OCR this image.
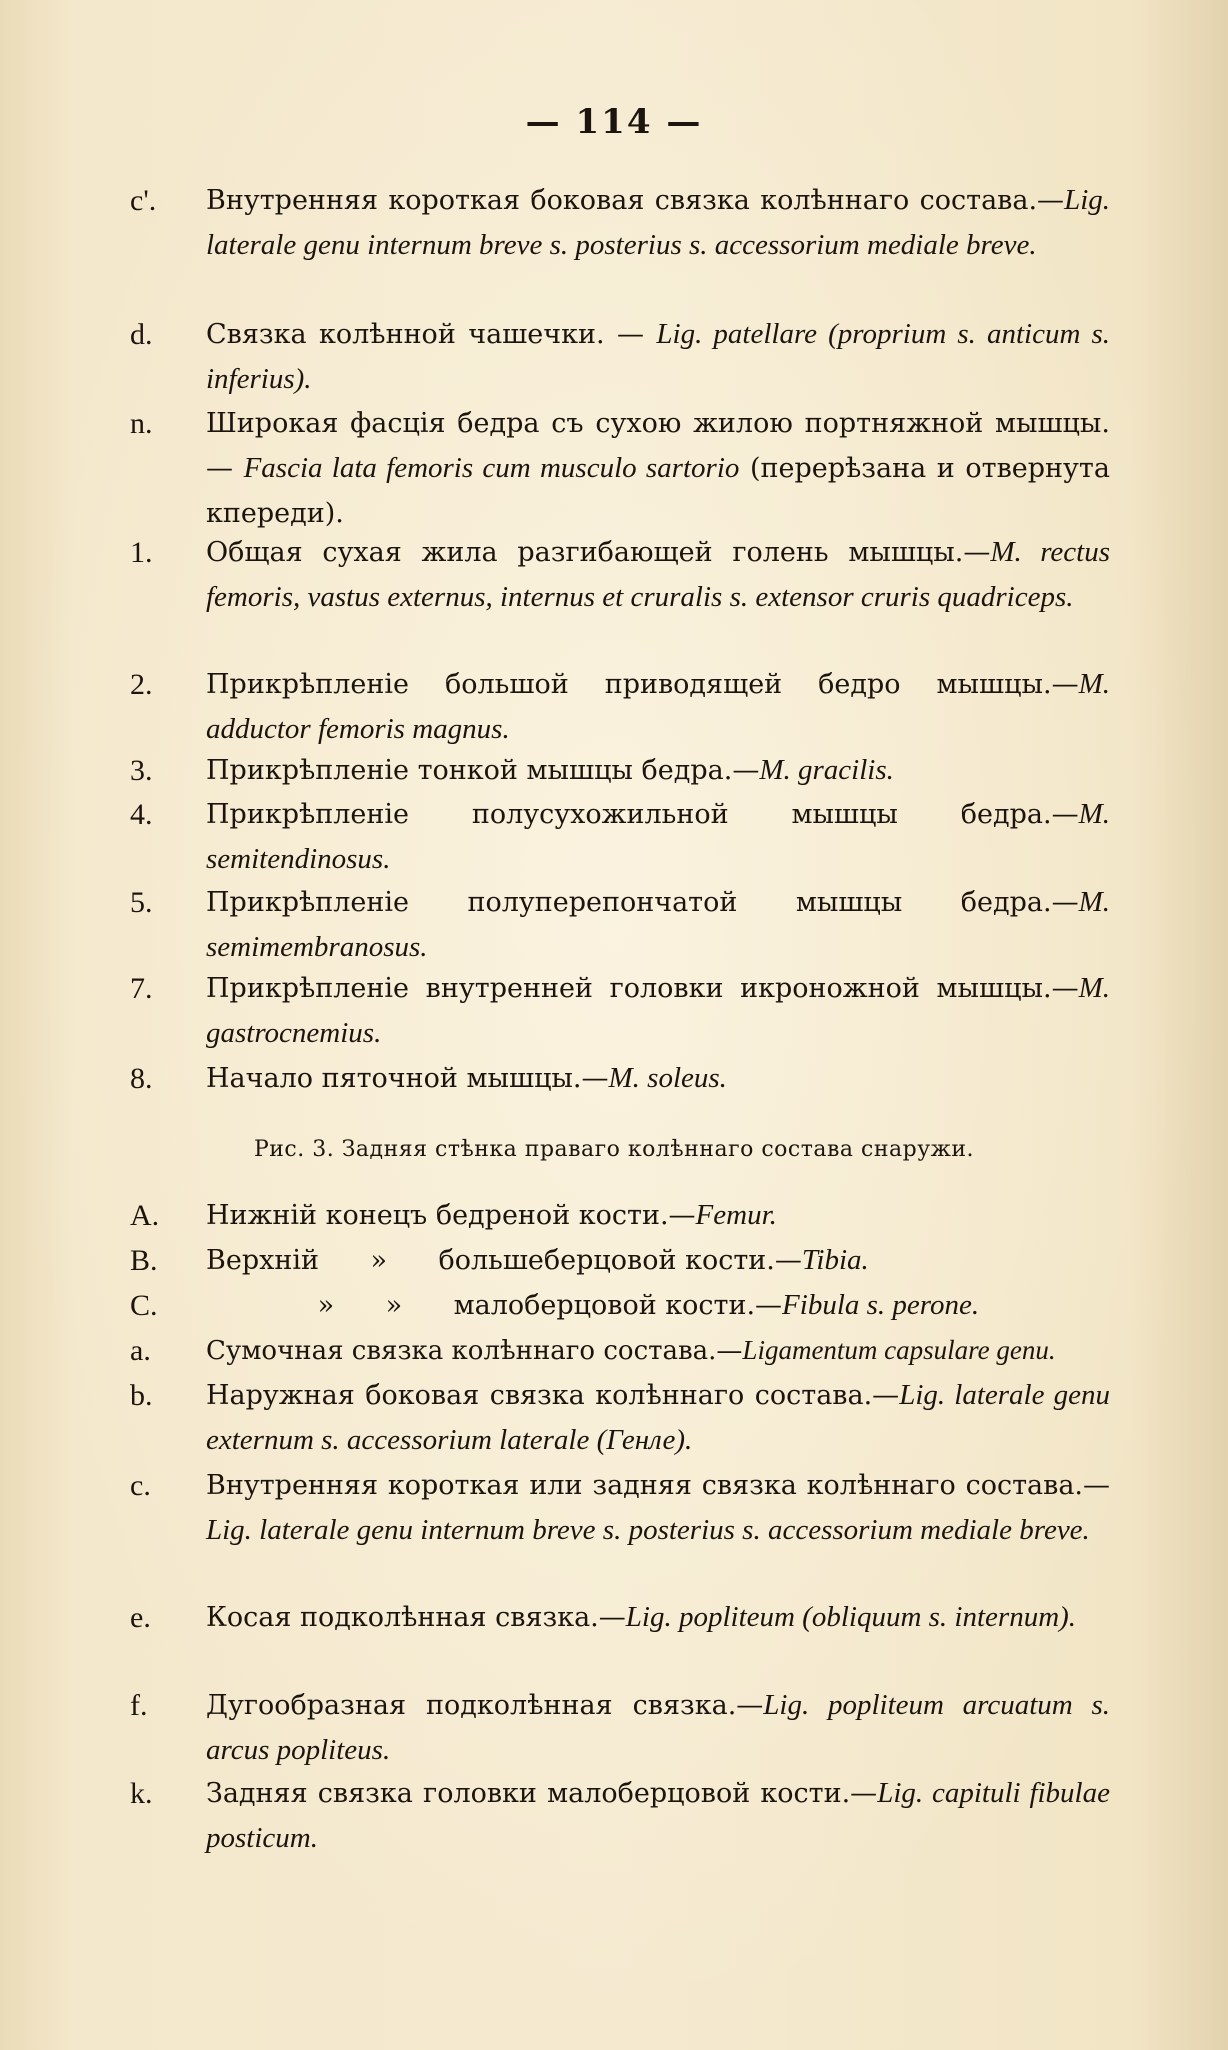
— 114 —
c'.	Внутренняя короткая боковая связка колѣннаго состава.—Lig. laterale genu internum breve s. posterius s. accessorium mediale breve.
d.	Связка колѣнной чашечки. — Lig. patellare (proprium s. anticum s. inferius).
n.	Широкая фасція бедра съ сухою жилою портняжной мышцы.— Fascia lata femoris cum musculo sartorio (перерѣзана и отвернута кпереди).
1.	Общая сухая жила разгибающей голень мышцы.—M. rectus femoris, vastus externus, internus et cruralis s. extensor cruris quadriceps.
2.	Прикрѣпленіе большой приводящей бедро мышцы.—M. adductor femoris magnus.
3.	Прикрѣпленіе тонкой мышцы бедра.—M. gracilis.
4.	Прикрѣпленіе полусухожильной мышцы бедра.—M. semitendinosus.
5.	Прикрѣпленіе полуперепончатой мышцы бедра.—M. semimembranosus.
7.	Прикрѣпленіе внутренней головки икроножной мышцы.—M. gastrocnemius.
8.	Начало пяточной мышцы.—M. soleus.
Рис. 3. Задняя стѣнка праваго колѣннаго состава снаружи.
A.	Нижній конецъ бедреной кости.—Femur.
B.	Верхній      »      большеберцовой кости.—Tibia.
C.	»      »      малоберцовой кости.—Fibula s. perone.
a.	Сумочная связка колѣннаго состава.—Ligamentum capsulare genu.
b.	Наружная боковая связка колѣннаго состава.—Lig. laterale genu externum s. accessorium laterale (Генле).
c.	Внутренняя короткая или задняя связка колѣннаго состава.— Lig. laterale genu internum breve s. posterius s. accessorium mediale breve.
e.	Косая подколѣнная связка.—Lig. popliteum (obliquum s. internum).
f.	Дугообразная подколѣнная связка.—Lig. popliteum arcuatum s. arcus popliteus.
k.	Задняя связка головки малоберцовой кости.—Lig. capituli fibulae posticum.
